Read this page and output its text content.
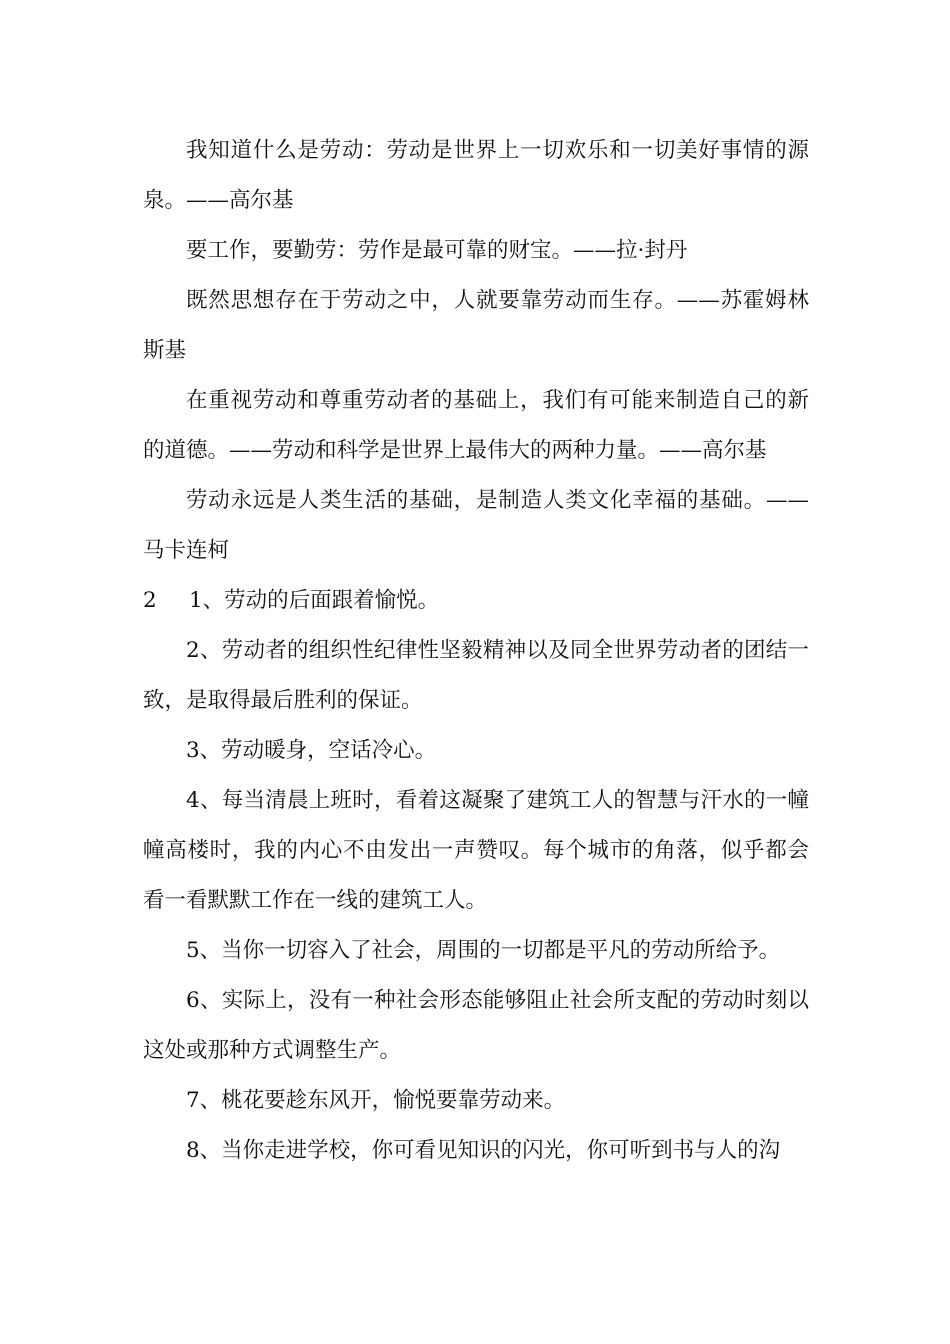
我知道什么是劳动：劳动是世界上一切欢乐和一切美好事情的源泉。——高尔基

要工作，要勤劳：劳作是最可靠的财宝。——拉·封丹

既然思想存在于劳动之中，人就要靠劳动而生存。——苏霍姆林斯基

在重视劳动和尊重劳动者的基础上，我们有可能来制造自己的新的道德。——劳动和科学是世界上最伟大的两种力量。——高尔基

劳动永远是人类生活的基础，是制造人类文化幸福的基础。——马卡连柯

2 1、劳动的后面跟着愉悦。

2、劳动者的组织性纪律性坚毅精神以及同全世界劳动者的团结一致，是取得最后胜利的保证。

3、劳动暖身，空话冷心。

4、每当清晨上班时，看着这凝聚了建筑工人的智慧与汗水的一幢幢高楼时，我的内心不由发出一声赞叹。每个城市的角落，似乎都会看一看默默工作在一线的建筑工人。

5、当你一切容入了社会，周围的一切都是平凡的劳动所给予。

6、实际上，没有一种社会形态能够阻止社会所支配的劳动时刻以这处或那种方式调整生产。

7、桃花要趁东风开，愉悦要靠劳动来。

8、当你走进学校，你可看见知识的闪光，你可听到书与人的沟
